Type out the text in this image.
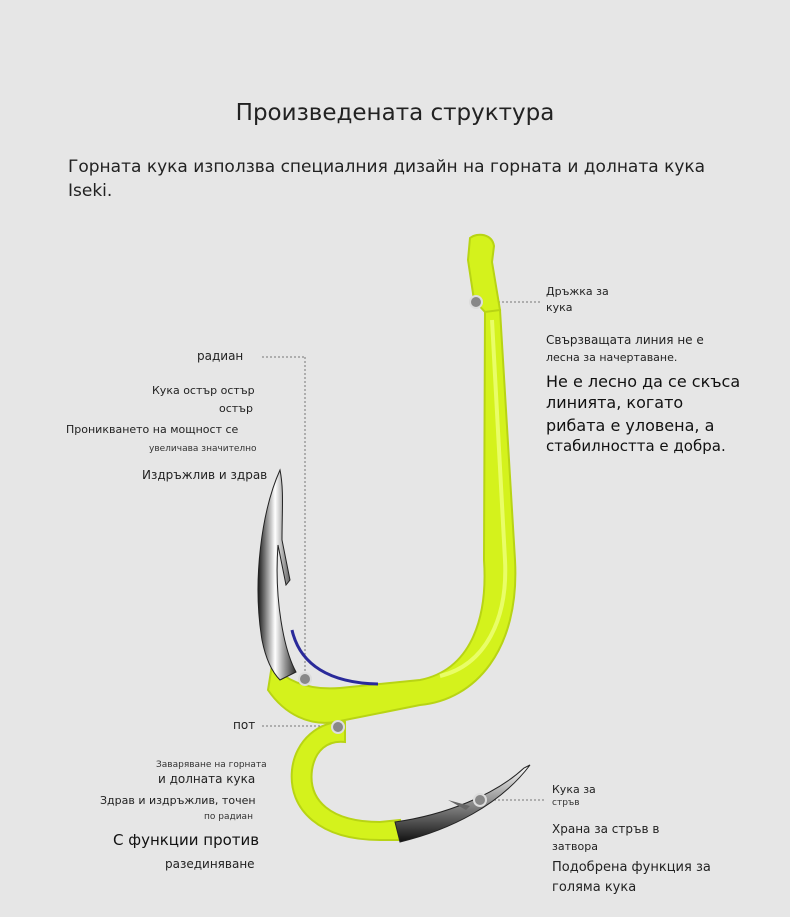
Произведената структура
Горната кука използва специалния дизайн на горната и долната кука
Iseki.
Дръжка за
кука
Свързващата линия не е
лесна за начертаване.
Не е лесно да се скъса
линията, когато
рибата е уловена, а
стабилността е добра.
радиан
Кука остър остър
остър
Проникването на мощност се
увеличава значително
Издръжлив и здрав
пот
Заваряване на горната
и долната кука
Здрав и издръжлив, точен
по радиан
С функции против
разединяване
Кука за
стръв
Храна за стръв в
затвора
Подобрена функция за
голяма кука
